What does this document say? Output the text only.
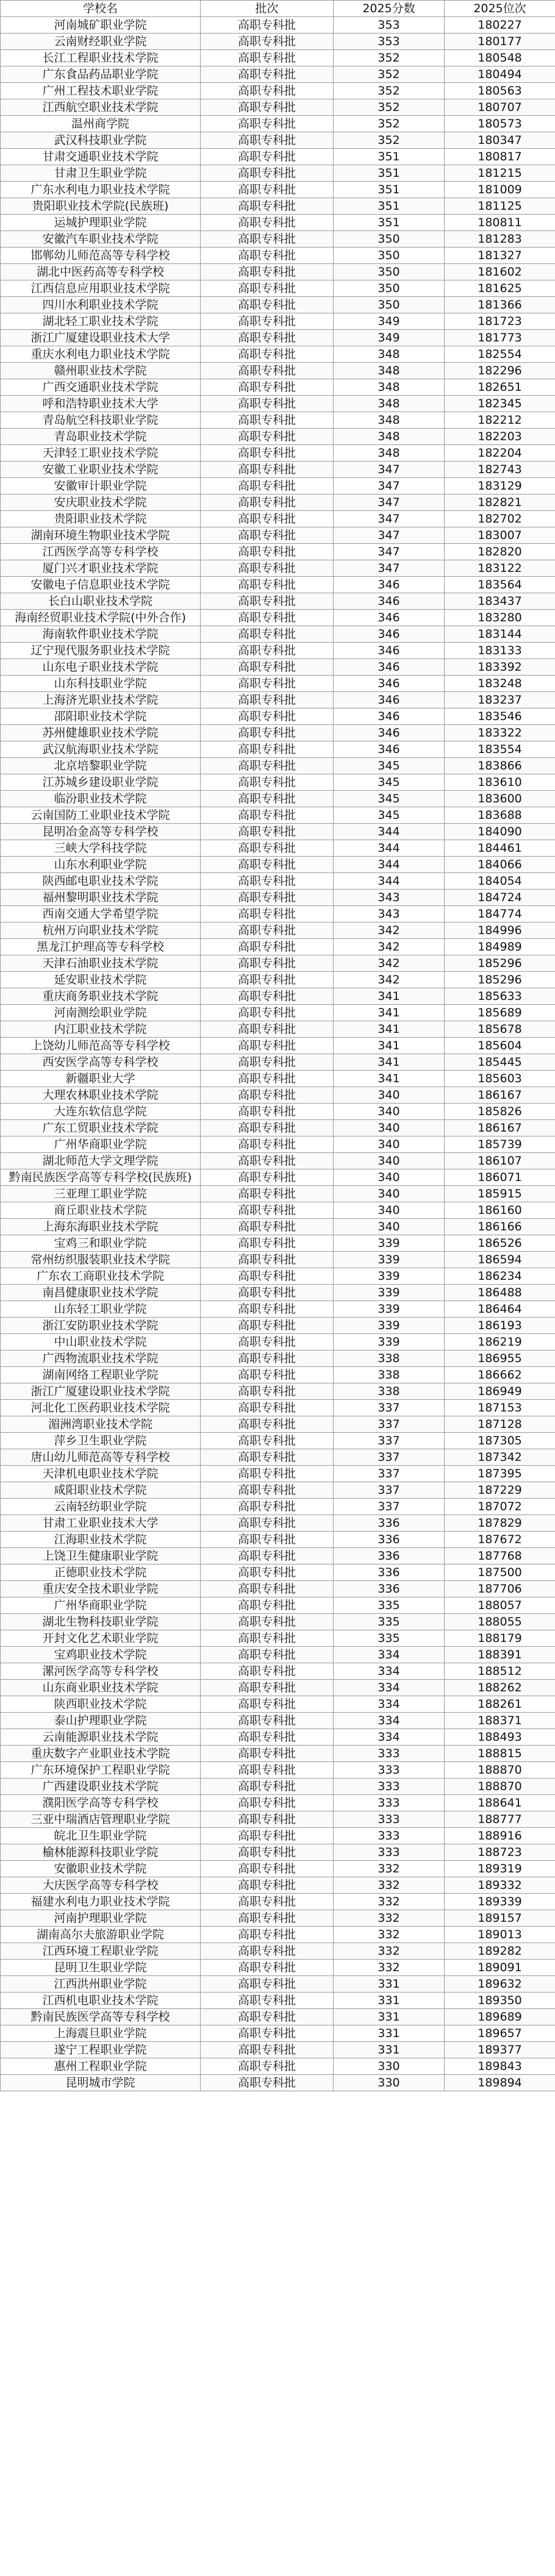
学校名	批次	2025分数	2025位次
河南城矿职业学院	高职专科批	353	180227
云南财经职业学院	高职专科批	353	180177
长江工程职业技术学院	高职专科批	352	180548
广东食品药品职业学院	高职专科批	352	180494
广州工程技术职业学院	高职专科批	352	180563
江西航空职业技术学院	高职专科批	352	180707
温州商学院	高职专科批	352	180573
武汉科技职业学院	高职专科批	352	180347
甘肃交通职业技术学院	高职专科批	351	180817
甘肃卫生职业学院	高职专科批	351	181215
广东水利电力职业技术学院	高职专科批	351	181009
贵阳职业技术学院(民族班)	高职专科批	351	181125
运城护理职业学院	高职专科批	351	180811
安徽汽车职业技术学院	高职专科批	350	181283
邯郸幼儿师范高等专科学校	高职专科批	350	181327
湖北中医药高等专科学校	高职专科批	350	181602
江西信息应用职业技术学院	高职专科批	350	181625
四川水利职业技术学院	高职专科批	350	181366
湖北轻工职业技术学院	高职专科批	349	181723
浙江广厦建设职业技术大学	高职专科批	349	181773
重庆水利电力职业技术学院	高职专科批	348	182554
赣州职业技术学院	高职专科批	348	182296
广西交通职业技术学院	高职专科批	348	182651
呼和浩特职业技术大学	高职专科批	348	182345
青岛航空科技职业学院	高职专科批	348	182212
青岛职业技术学院	高职专科批	348	182203
天津轻工职业技术学院	高职专科批	348	182204
安徽工业职业技术学院	高职专科批	347	182743
安徽审计职业学院	高职专科批	347	183129
安庆职业技术学院	高职专科批	347	182821
贵阳职业技术学院	高职专科批	347	182702
湖南环境生物职业技术学院	高职专科批	347	183007
江西医学高等专科学校	高职专科批	347	182820
厦门兴才职业技术学院	高职专科批	347	183122
安徽电子信息职业技术学院	高职专科批	346	183564
长白山职业技术学院	高职专科批	346	183437
海南经贸职业技术学院(中外合作)	高职专科批	346	183280
海南软件职业技术学院	高职专科批	346	183144
辽宁现代服务职业技术学院	高职专科批	346	183133
山东电子职业技术学院	高职专科批	346	183392
山东科技职业学院	高职专科批	346	183248
上海济光职业技术学院	高职专科批	346	183237
邵阳职业技术学院	高职专科批	346	183546
苏州健雄职业技术学院	高职专科批	346	183322
武汉航海职业技术学院	高职专科批	346	183554
北京培黎职业学院	高职专科批	345	183866
江苏城乡建设职业学院	高职专科批	345	183610
临汾职业技术学院	高职专科批	345	183600
云南国防工业职业技术学院	高职专科批	345	183688
昆明冶金高等专科学校	高职专科批	344	184090
三峡大学科技学院	高职专科批	344	184461
山东水利职业学院	高职专科批	344	184066
陕西邮电职业技术学院	高职专科批	344	184054
福州黎明职业技术学院	高职专科批	343	184724
西南交通大学希望学院	高职专科批	343	184774
杭州万向职业技术学院	高职专科批	342	184996
黑龙江护理高等专科学校	高职专科批	342	184989
天津石油职业技术学院	高职专科批	342	185296
延安职业技术学院	高职专科批	342	185296
重庆商务职业技术学院	高职专科批	341	185633
河南测绘职业学院	高职专科批	341	185689
内江职业技术学院	高职专科批	341	185678
上饶幼儿师范高等专科学校	高职专科批	341	185604
西安医学高等专科学校	高职专科批	341	185445
新疆职业大学	高职专科批	341	185603
大理农林职业技术学院	高职专科批	340	186167
大连东软信息学院	高职专科批	340	185826
广东工贸职业技术学院	高职专科批	340	186167
广州华商职业学院	高职专科批	340	185739
湖北师范大学文理学院	高职专科批	340	186107
黔南民族医学高等专科学校(民族班)	高职专科批	340	186071
三亚理工职业学院	高职专科批	340	185915
商丘职业技术学院	高职专科批	340	186160
上海东海职业技术学院	高职专科批	340	186166
宝鸡三和职业学院	高职专科批	339	186526
常州纺织服装职业技术学院	高职专科批	339	186594
广东农工商职业技术学院	高职专科批	339	186234
南昌健康职业技术学院	高职专科批	339	186488
山东轻工职业学院	高职专科批	339	186464
浙江安防职业技术学院	高职专科批	339	186193
中山职业技术学院	高职专科批	339	186219
广西物流职业技术学院	高职专科批	338	186955
湖南网络工程职业学院	高职专科批	338	186662
浙江广厦建设职业技术学院	高职专科批	338	186949
河北化工医药职业技术学院	高职专科批	337	187153
湄洲湾职业技术学院	高职专科批	337	187128
萍乡卫生职业学院	高职专科批	337	187305
唐山幼儿师范高等专科学校	高职专科批	337	187342
天津机电职业技术学院	高职专科批	337	187395
咸阳职业技术学院	高职专科批	337	187229
云南轻纺职业学院	高职专科批	337	187072
甘肃工业职业技术大学	高职专科批	336	187829
江海职业技术学院	高职专科批	336	187672
上饶卫生健康职业学院	高职专科批	336	187768
正德职业技术学院	高职专科批	336	187500
重庆安全技术职业学院	高职专科批	336	187706
广州华商职业学院	高职专科批	335	188057
湖北生物科技职业学院	高职专科批	335	188055
开封文化艺术职业学院	高职专科批	335	188179
宝鸡职业技术学院	高职专科批	334	188391
漯河医学高等专科学校	高职专科批	334	188512
山东商业职业技术学院	高职专科批	334	188262
陕西职业技术学院	高职专科批	334	188261
泰山护理职业学院	高职专科批	334	188371
云南能源职业技术学院	高职专科批	334	188493
重庆数字产业职业技术学院	高职专科批	333	188815
广东环境保护工程职业学院	高职专科批	333	188870
广西建设职业技术学院	高职专科批	333	188870
濮阳医学高等专科学校	高职专科批	333	188641
三亚中瑞酒店管理职业学院	高职专科批	333	188777
皖北卫生职业学院	高职专科批	333	188916
榆林能源科技职业学院	高职专科批	333	188723
安徽职业技术学院	高职专科批	332	189319
大庆医学高等专科学校	高职专科批	332	189332
福建水利电力职业技术学院	高职专科批	332	189339
河南护理职业学院	高职专科批	332	189157
湖南高尔夫旅游职业学院	高职专科批	332	189013
江西环境工程职业学院	高职专科批	332	189282
昆明卫生职业学院	高职专科批	332	189091
江西洪州职业学院	高职专科批	331	189632
江西机电职业技术学院	高职专科批	331	189350
黔南民族医学高等专科学校	高职专科批	331	189689
上海震旦职业学院	高职专科批	331	189657
遂宁工程职业学院	高职专科批	331	189377
惠州工程职业学院	高职专科批	330	189843
昆明城市学院	高职专科批	330	189894
